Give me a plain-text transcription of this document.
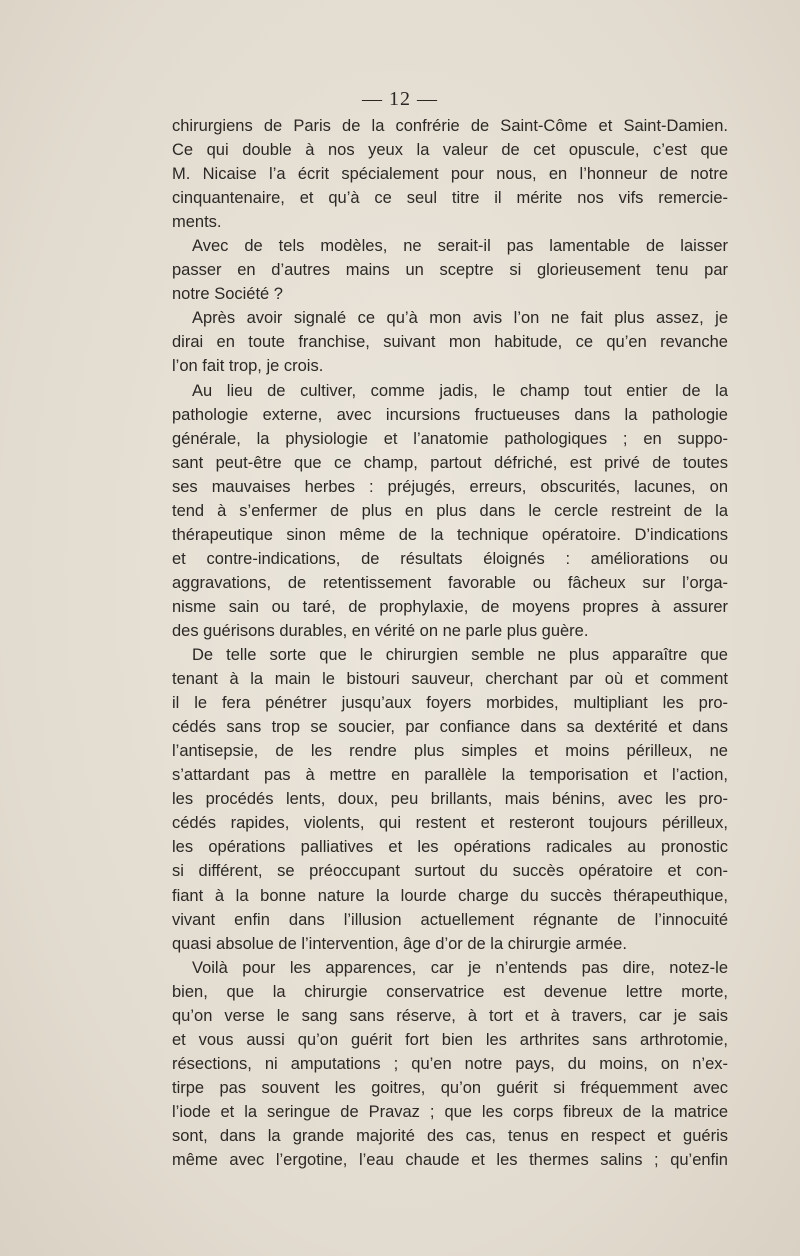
— 12 —
chirurgiens de Paris de la confrérie de Saint-Côme et Saint-Damien.
Ce qui double à nos yeux la valeur de cet opuscule, c’est que
M. Nicaise l’a écrit spécialement pour nous, en l’honneur de notre
cinquantenaire, et qu’à ce seul titre il mérite nos vifs remercie-
ments.
Avec de tels modèles, ne serait-il pas lamentable de laisser
passer en d’autres mains un sceptre si glorieusement tenu par
notre Société ?
Après avoir signalé ce qu’à mon avis l’on ne fait plus assez, je
dirai en toute franchise, suivant mon habitude, ce qu’en revanche
l’on fait trop, je crois.
Au lieu de cultiver, comme jadis, le champ tout entier de la
pathologie externe, avec incursions fructueuses dans la pathologie
générale, la physiologie et l’anatomie pathologiques ; en suppo-
sant peut-être que ce champ, partout défriché, est privé de toutes
ses mauvaises herbes : préjugés, erreurs, obscurités, lacunes, on
tend à s’enfermer de plus en plus dans le cercle restreint de la
thérapeutique sinon même de la technique opératoire. D’indications
et contre-indications, de résultats éloignés : améliorations ou
aggravations, de retentissement favorable ou fâcheux sur l’orga-
nisme sain ou taré, de prophylaxie, de moyens propres à assurer
des guérisons durables, en vérité on ne parle plus guère.
De telle sorte que le chirurgien semble ne plus apparaître que
tenant à la main le bistouri sauveur, cherchant par où et comment
il le fera pénétrer jusqu’aux foyers morbides, multipliant les pro-
cédés sans trop se soucier, par confiance dans sa dextérité et dans
l’antisepsie, de les rendre plus simples et moins périlleux, ne
s’attardant pas à mettre en parallèle la temporisation et l’action,
les procédés lents, doux, peu brillants, mais bénins, avec les pro-
cédés rapides, violents, qui restent et resteront toujours périlleux,
les opérations palliatives et les opérations radicales au pronostic
si différent, se préoccupant surtout du succès opératoire et con-
fiant à la bonne nature la lourde charge du succès thérapeuthique,
vivant enfin dans l’illusion actuellement régnante de l’innocuité
quasi absolue de l’intervention, âge d’or de la chirurgie armée.
Voilà pour les apparences, car je n’entends pas dire, notez-le
bien, que la chirurgie conservatrice est devenue lettre morte,
qu’on verse le sang sans réserve, à tort et à travers, car je sais
et vous aussi qu’on guérit fort bien les arthrites sans arthrotomie,
résections, ni amputations ; qu’en notre pays, du moins, on n’ex-
tirpe pas souvent les goitres, qu’on guérit si fréquemment avec
l’iode et la seringue de Pravaz ; que les corps fibreux de la matrice
sont, dans la grande majorité des cas, tenus en respect et guéris
même avec l’ergotine, l’eau chaude et les thermes salins ; qu’enfin
